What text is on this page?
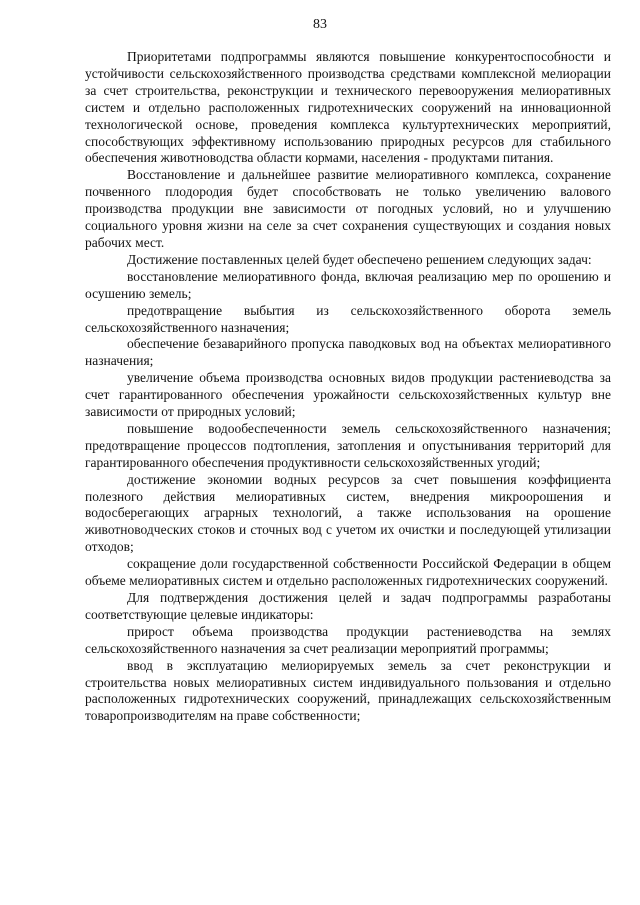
83

Приоритетами подпрограммы являются повышение конкурентоспособности и устойчивости сельскохозяйственного производства средствами комплексной мелиорации за счет строительства, реконструкции и технического перевооружения мелиоративных систем и отдельно расположенных гидротехнических сооружений на инновационной технологической основе, проведения комплекса культуртехнических мероприятий, способствующих эффективному использованию природных ресурсов для стабильного обеспечения животноводства области кормами, населения - продуктами питания.

Восстановление и дальнейшее развитие мелиоративного комплекса, сохранение почвенного плодородия будет способствовать не только увеличению валового производства продукции вне зависимости от погодных условий, но и улучшению социального уровня жизни на селе за счет сохранения существующих и создания новых рабочих мест.

Достижение поставленных целей будет обеспечено решением следующих задач:

восстановление мелиоративного фонда, включая реализацию мер по орошению и осушению земель;

предотвращение выбытия из сельскохозяйственного оборота земель сельскохозяйственного назначения;

обеспечение безаварийного пропуска паводковых вод на объектах мелиоративного назначения;

увеличение объема производства основных видов продукции растениеводства за счет гарантированного обеспечения урожайности сельскохозяйственных культур вне зависимости от природных условий;

повышение водообеспеченности земель сельскохозяйственного назначения; предотвращение процессов подтопления, затопления и опустынивания территорий для гарантированного обеспечения продуктивности сельскохозяйственных угодий;

достижение экономии водных ресурсов за счет повышения коэффициента полезного действия мелиоративных систем, внедрения микроорошения и водосберегающих аграрных технологий, а также использования на орошение животноводческих стоков и сточных вод с учетом их очистки и последующей утилизации отходов;

сокращение доли государственной собственности Российской Федерации в общем объеме мелиоративных систем и отдельно расположенных гидротехнических сооружений.

Для подтверждения достижения целей и задач подпрограммы разработаны соответствующие целевые индикаторы:

прирост объема производства продукции растениеводства на землях сельскохозяйственного назначения за счет реализации мероприятий программы;

ввод в эксплуатацию мелиорируемых земель за счет реконструкции и строительства новых мелиоративных систем индивидуального пользования и отдельно расположенных гидротехнических сооружений, принадлежащих сельскохозяйственным товаропроизводителям на праве собственности;
